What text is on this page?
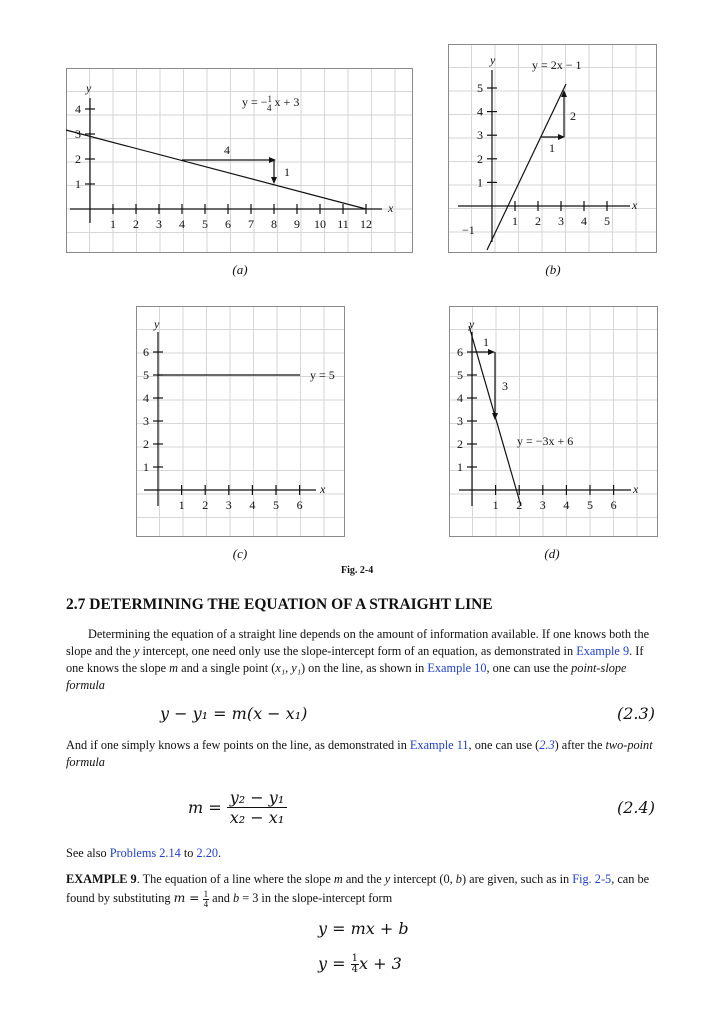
1 2 3 4 5 6 7 8 9 10 11 12
1
2
3
4
y
x
4
1
y = −$^1$ 4 x + 3
(a)
1 2 3 4 5
1
2
3
4
5
y
x
−1
1
2
y = 2x − 1
(b)
1 2 3 4 5 6
1
2
3
4
5
6
y
x
y = 5
(c)
1 2 3 4 5 6
1
2
3
4
5
6
y
x
1
3
y = −3x + 6
(d)
Fig. 2-4
2.7 DETERMINING THE EQUATION OF A STRAIGHT LINE
Determining the equation of a straight line depends on the amount of information available. If one knows both the slope and the y intercept, one need only use the slope-intercept form of an equation, as demonstrated in Example 9. If one knows the slope m and a single point (x₁, y₁) on the line, as shown in Example 10, one can use the point-slope formula
y − y₁ = m(x − x₁)	(2.3)
And if one simply knows a few points on the line, as demonstrated in Example 11, one can use (2.3) after the two-point formula
$m = \frac{\text{y₂ − y₁}}{\text{x₂ − x₁}}$	(2.4)
See also Problems 2.14 to 2.20.
EXAMPLE 9. The equation of a line where the slope m and the y intercept (0, b) are given, such as in Fig. 2-5, can be found by substituting $m = \frac{1}{4}$ and b = 3 in the slope-intercept form
y = mx + b
$y = \frac{1}{4}x + 3$
